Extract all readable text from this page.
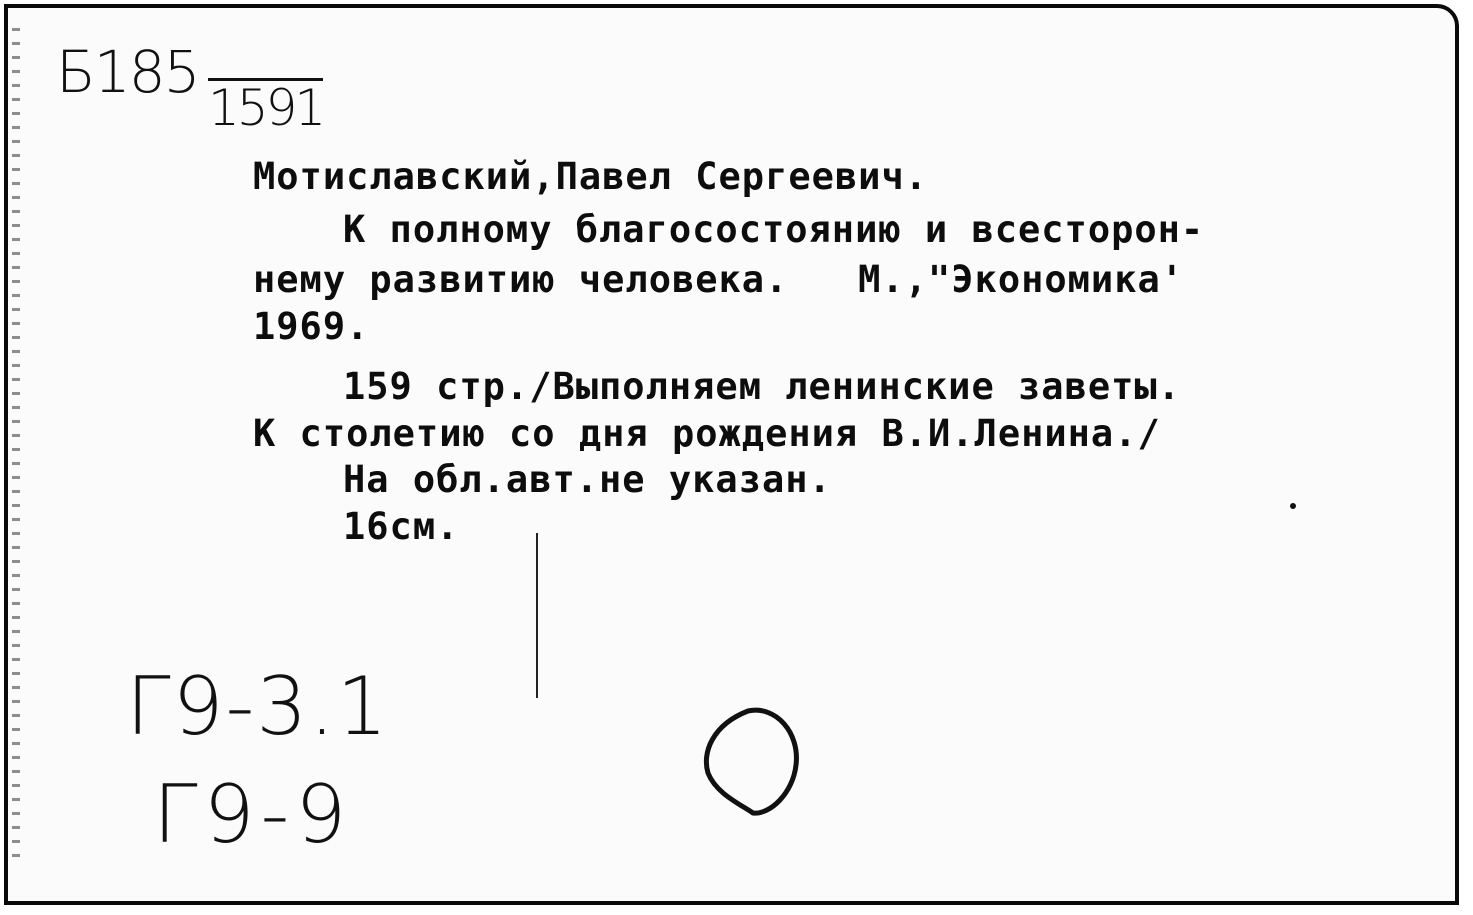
Б185
1591
Мотиславский,Павел Сергеевич.
К полному благосостоянию и всесторон-
нему развитию человека.   М.,"Экономика'
1969.
159 стр./Выполняем ленинские заветы.
К столетию со дня рождения В.И.Ленина./
На обл.авт.не указан.
16см.
Г9-3.1
Г9-9
